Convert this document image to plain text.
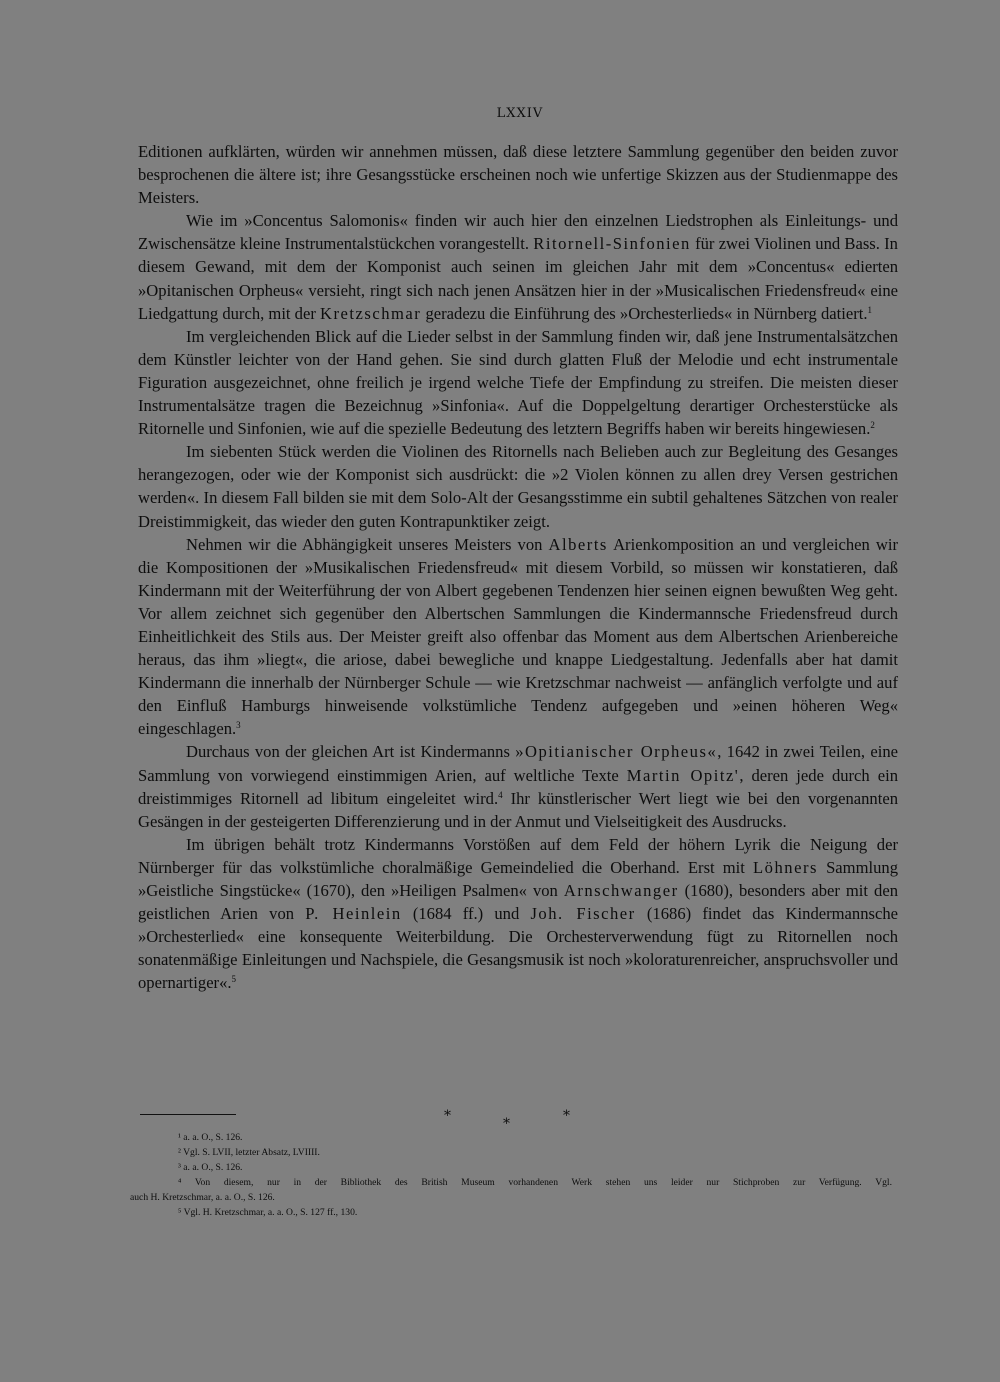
LXXIV

Editionen aufklärten, würden wir annehmen müssen, daß diese letztere Sammlung gegenüber den beiden zuvor besprochenen die ältere ist; ihre Gesangsstücke erscheinen noch wie unfertige Skizzen aus der Studienmappe des Meisters.

Wie im »Concentus Salomonis« finden wir auch hier den einzelnen Liedstrophen als Einleitungs- und Zwischensätze kleine Instrumentalstückchen vorangestellt. Ritornell-Sinfonien für zwei Violinen und Bass. In diesem Gewand, mit dem der Komponist auch seinen im gleichen Jahr mit dem »Concentus« edierten »Opitanischen Orpheus« versieht, ringt sich nach jenen Ansätzen hier in der »Musicalischen Friedensfreud« eine Liedgattung durch, mit der Kretzschmar geradezu die Einführung des »Orchesterlieds« in Nürnberg datiert.$^1$

Im vergleichenden Blick auf die Lieder selbst in der Sammlung finden wir, daß jene Instrumentalsätzchen dem Künstler leichter von der Hand gehen. Sie sind durch glatten Fluß der Melodie und echt instrumentale Figuration ausgezeichnet, ohne freilich je irgend welche Tiefe der Empfindung zu streifen. Die meisten dieser Instrumentalsätze tragen die Bezeichnug »Sinfonia«. Auf die Doppelgeltung derartiger Orchesterstücke als Ritornelle und Sinfonien, wie auf die spezielle Bedeutung des letztern Begriffs haben wir bereits hingewiesen.$^2$

Im siebenten Stück werden die Violinen des Ritornells nach Belieben auch zur Begleitung des Gesanges herangezogen, oder wie der Komponist sich ausdrückt: die »2 Violen können zu allen drey Versen gestrichen werden«. In diesem Fall bilden sie mit dem Solo-Alt der Gesangsstimme ein subtil gehaltenes Sätzchen von realer Dreistimmigkeit, das wieder den guten Kontrapunktiker zeigt.

Nehmen wir die Abhängigkeit unseres Meisters von Alberts Arienkomposition an und vergleichen wir die Kompositionen der »Musikalischen Friedensfreud« mit diesem Vorbild, so müssen wir konstatieren, daß Kindermann mit der Weiterführung der von Albert gegebenen Tendenzen hier seinen eignen bewußten Weg geht. Vor allem zeichnet sich gegenüber den Albertschen Sammlungen die Kindermannsche Friedensfreud durch Einheitlichkeit des Stils aus. Der Meister greift also offenbar das Moment aus dem Albertschen Arienbereiche heraus, das ihm »liegt«, die ariose, dabei bewegliche und knappe Liedgestaltung. Jedenfalls aber hat damit Kindermann die innerhalb der Nürnberger Schule — wie Kretzschmar nachweist — anfänglich verfolgte und auf den Einfluß Hamburgs hinweisende volkstümliche Tendenz aufgegeben und »einen höheren Weg« eingeschlagen.$^3$

Durchaus von der gleichen Art ist Kindermanns »Opitianischer Orpheus«, 1642 in zwei Teilen, eine Sammlung von vorwiegend einstimmigen Arien, auf weltliche Texte Martin Opitz', deren jede durch ein dreistimmiges Ritornell ad libitum eingeleitet wird.$^4$ Ihr künstlerischer Wert liegt wie bei den vorgenannten Gesängen in der gesteigerten Differenzierung und in der Anmut und Vielseitigkeit des Ausdrucks.

Im übrigen behält trotz Kindermanns Vorstößen auf dem Feld der höhern Lyrik die Neigung der Nürnberger für das volkstümliche choralmäßige Gemeindelied die Oberhand. Erst mit Löhners Sammlung »Geistliche Singstücke« (1670), den »Heiligen Psalmen« von Arnschwanger (1680), besonders aber mit den geistlichen Arien von P. Heinlein (1684 ff.) und Joh. Fischer (1686) findet das Kindermannsche »Orchesterlied« eine konsequente Weiterbildung. Die Orchesterverwendung fügt zu Ritornellen noch sonatenmäßige Einleitungen und Nachspiele, die Gesangsmusik ist noch »koloraturenreicher, anspruchsvoller und opernartiger«.$^5$

*	*	*
¹ a. a. O., S. 126.
² Vgl. S. LVII, letzter Absatz, LVIIII.
³ a. a. O., S. 126.
⁴ Von diesem, nur in der Bibliothek des British Museum vorhandenen Werk stehen uns leider nur Stichproben zur Verfügung. Vgl.
auch H. Kretzschmar, a. a. O., S. 126.
⁵ Vgl. H. Kretzschmar, a. a. O., S. 127 ff., 130.
